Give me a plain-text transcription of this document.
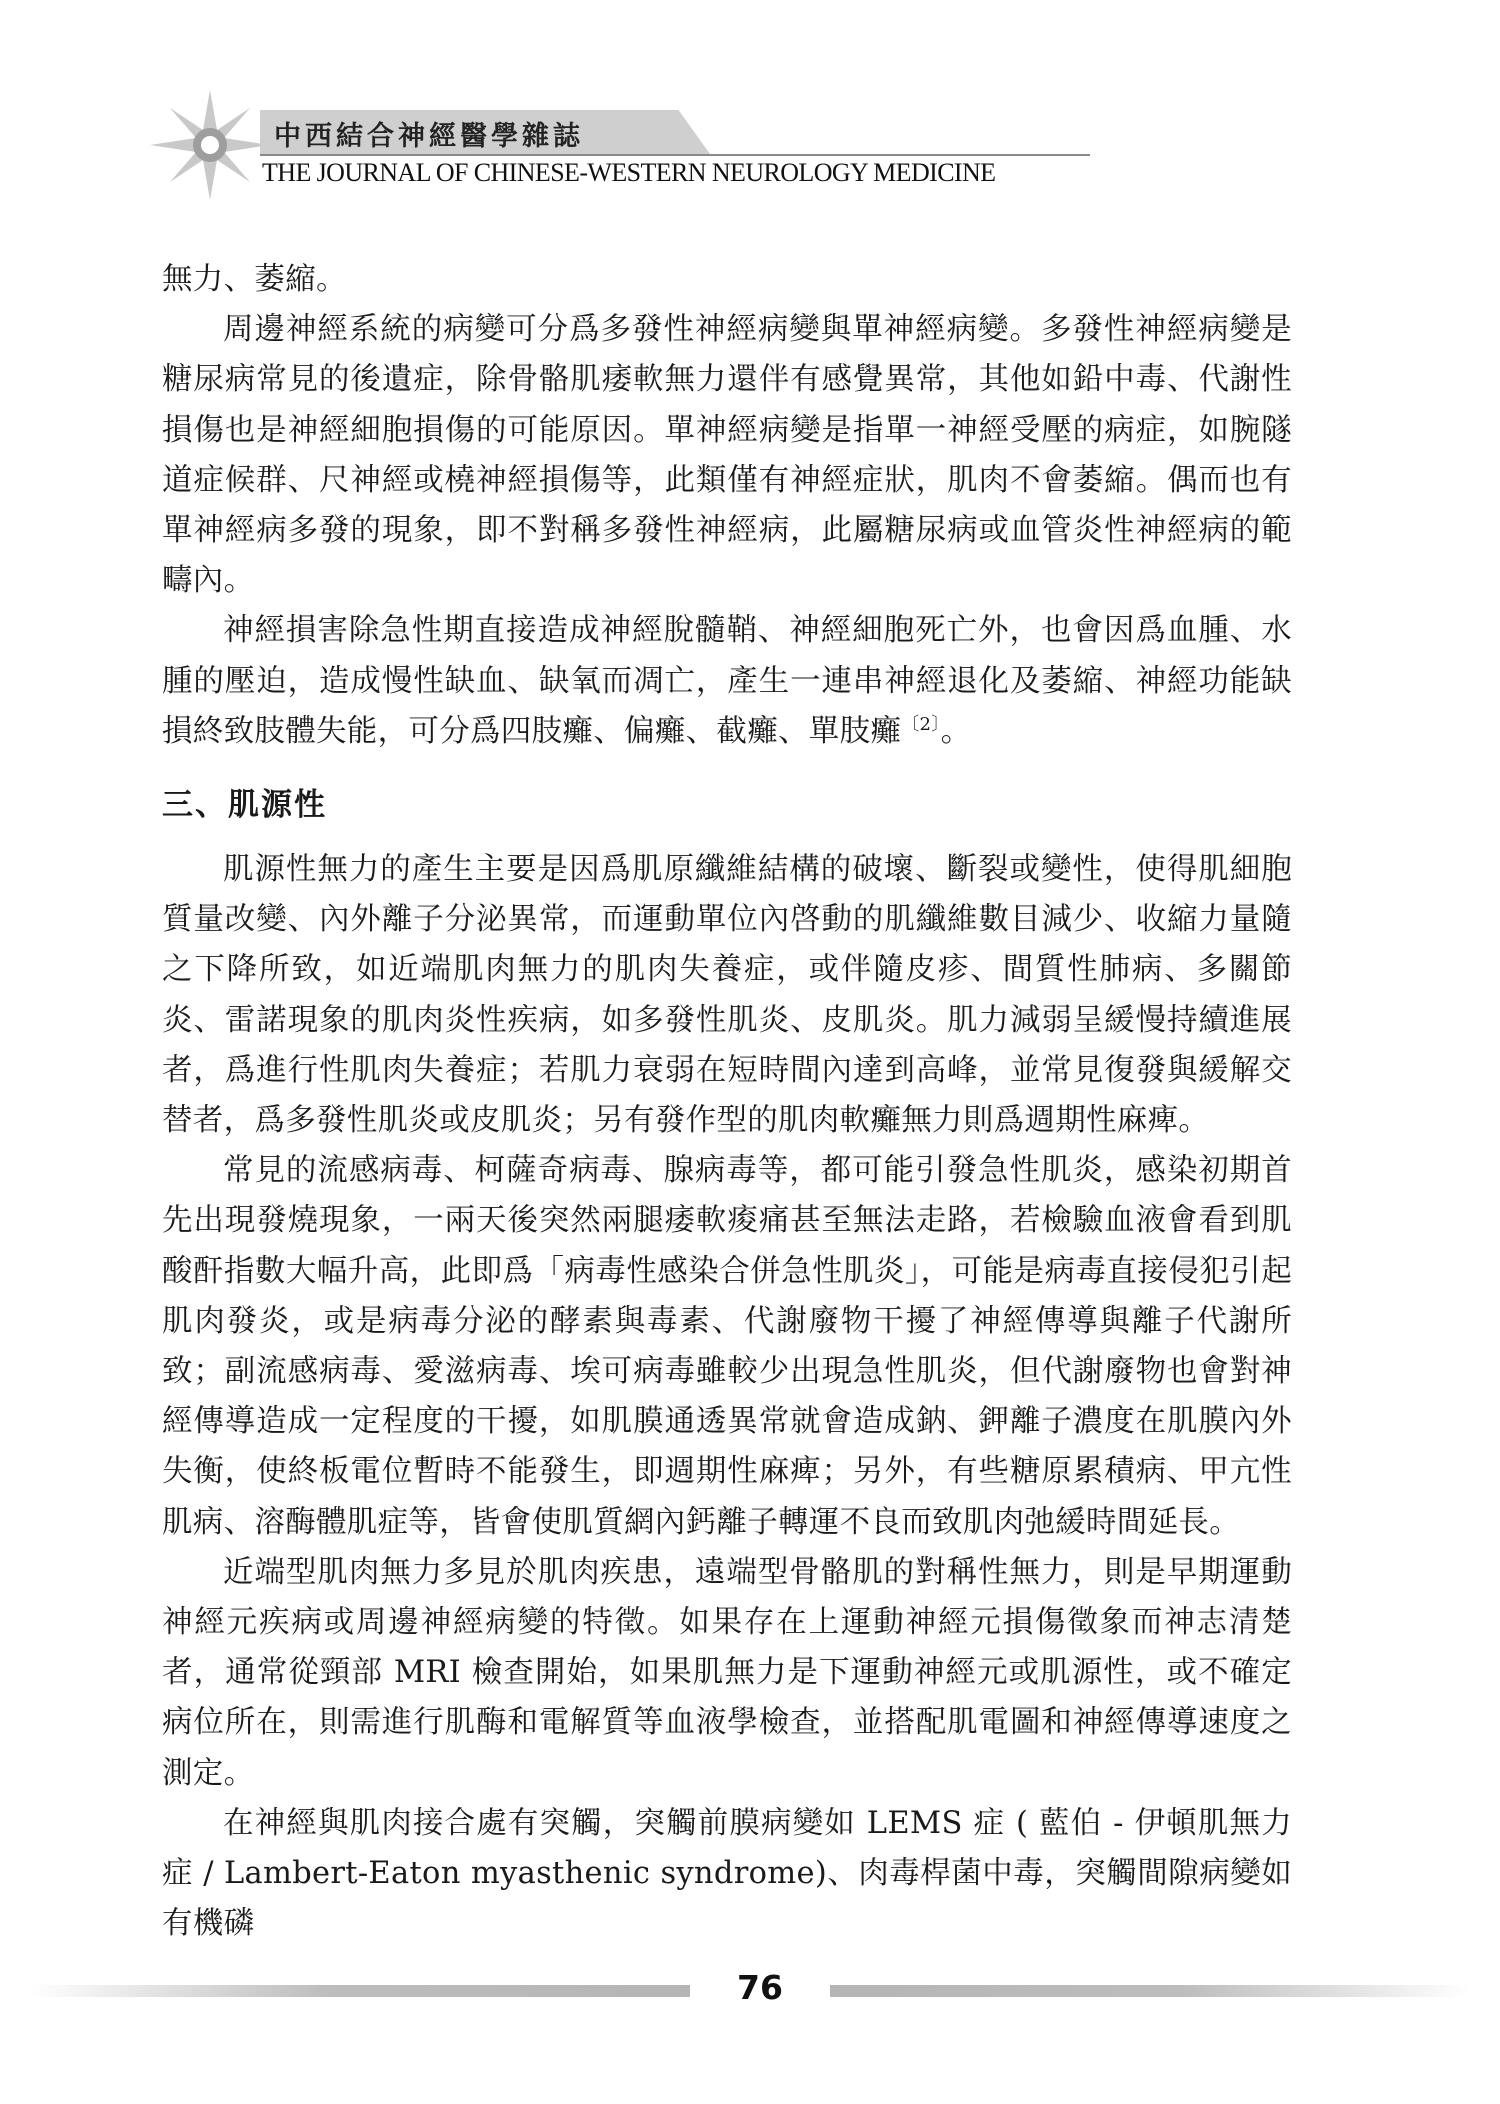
中西結合神經醫學雜誌
THE JOURNAL OF CHINESE-WESTERN NEUROLOGY MEDICINE

無力、萎縮。

周邊神經系統的病變可分爲多發性神經病變與單神經病變。多發性神經病變是糖尿病常見的後遺症，除骨骼肌痿軟無力還伴有感覺異常，其他如鉛中毒、代謝性損傷也是神經細胞損傷的可能原因。單神經病變是指單一神經受壓的病症，如腕隧道症候群、尺神經或橈神經損傷等，此類僅有神經症狀，肌肉不會萎縮。偶而也有單神經病多發的現象，即不對稱多發性神經病，此屬糖尿病或血管炎性神經病的範疇內。

神經損害除急性期直接造成神經脫髓鞘、神經細胞死亡外，也會因爲血腫、水腫的壓迫，造成慢性缺血、缺氧而凋亡，產生一連串神經退化及萎縮、神經功能缺損終致肢體失能，可分爲四肢癱、偏癱、截癱、單肢癱$^{〔2〕}$。

三、肌源性

肌源性無力的產生主要是因爲肌原纖維結構的破壞、斷裂或變性，使得肌細胞質量改變、內外離子分泌異常，而運動單位內啓動的肌纖維數目減少、收縮力量隨之下降所致，如近端肌肉無力的肌肉失養症，或伴隨皮疹、間質性肺病、多關節炎、雷諾現象的肌肉炎性疾病，如多發性肌炎、皮肌炎。肌力減弱呈緩慢持續進展者，爲進行性肌肉失養症；若肌力衰弱在短時間內達到高峰，並常見復發與緩解交替者，爲多發性肌炎或皮肌炎；另有發作型的肌肉軟癱無力則爲週期性麻痺。

常見的流感病毒、柯薩奇病毒、腺病毒等，都可能引發急性肌炎，感染初期首先出現發燒現象，一兩天後突然兩腿痿軟痠痛甚至無法走路，若檢驗血液會看到肌酸酐指數大幅升高，此即爲「病毒性感染合併急性肌炎」，可能是病毒直接侵犯引起肌肉發炎，或是病毒分泌的酵素與毒素、代謝廢物干擾了神經傳導與離子代謝所致；副流感病毒、愛滋病毒、埃可病毒雖較少出現急性肌炎，但代謝廢物也會對神經傳導造成一定程度的干擾，如肌膜通透異常就會造成鈉、鉀離子濃度在肌膜內外失衡，使終板電位暫時不能發生，即週期性麻痺；另外，有些糖原累積病、甲亢性肌病、溶酶體肌症等，皆會使肌質網內鈣離子轉運不良而致肌肉弛緩時間延長。

近端型肌肉無力多見於肌肉疾患，遠端型骨骼肌的對稱性無力，則是早期運動神經元疾病或周邊神經病變的特徵。如果存在上運動神經元損傷徵象而神志清楚者，通常從頸部 MRI 檢查開始，如果肌無力是下運動神經元或肌源性，或不確定病位所在，則需進行肌酶和電解質等血液學檢查，並搭配肌電圖和神經傳導速度之測定。

在神經與肌肉接合處有突觸，突觸前膜病變如 LEMS 症 ( 藍伯 - 伊頓肌無力症 / Lambert-Eaton myasthenic syndrome)、肉毒桿菌中毒，突觸間隙病變如有機磷

76
